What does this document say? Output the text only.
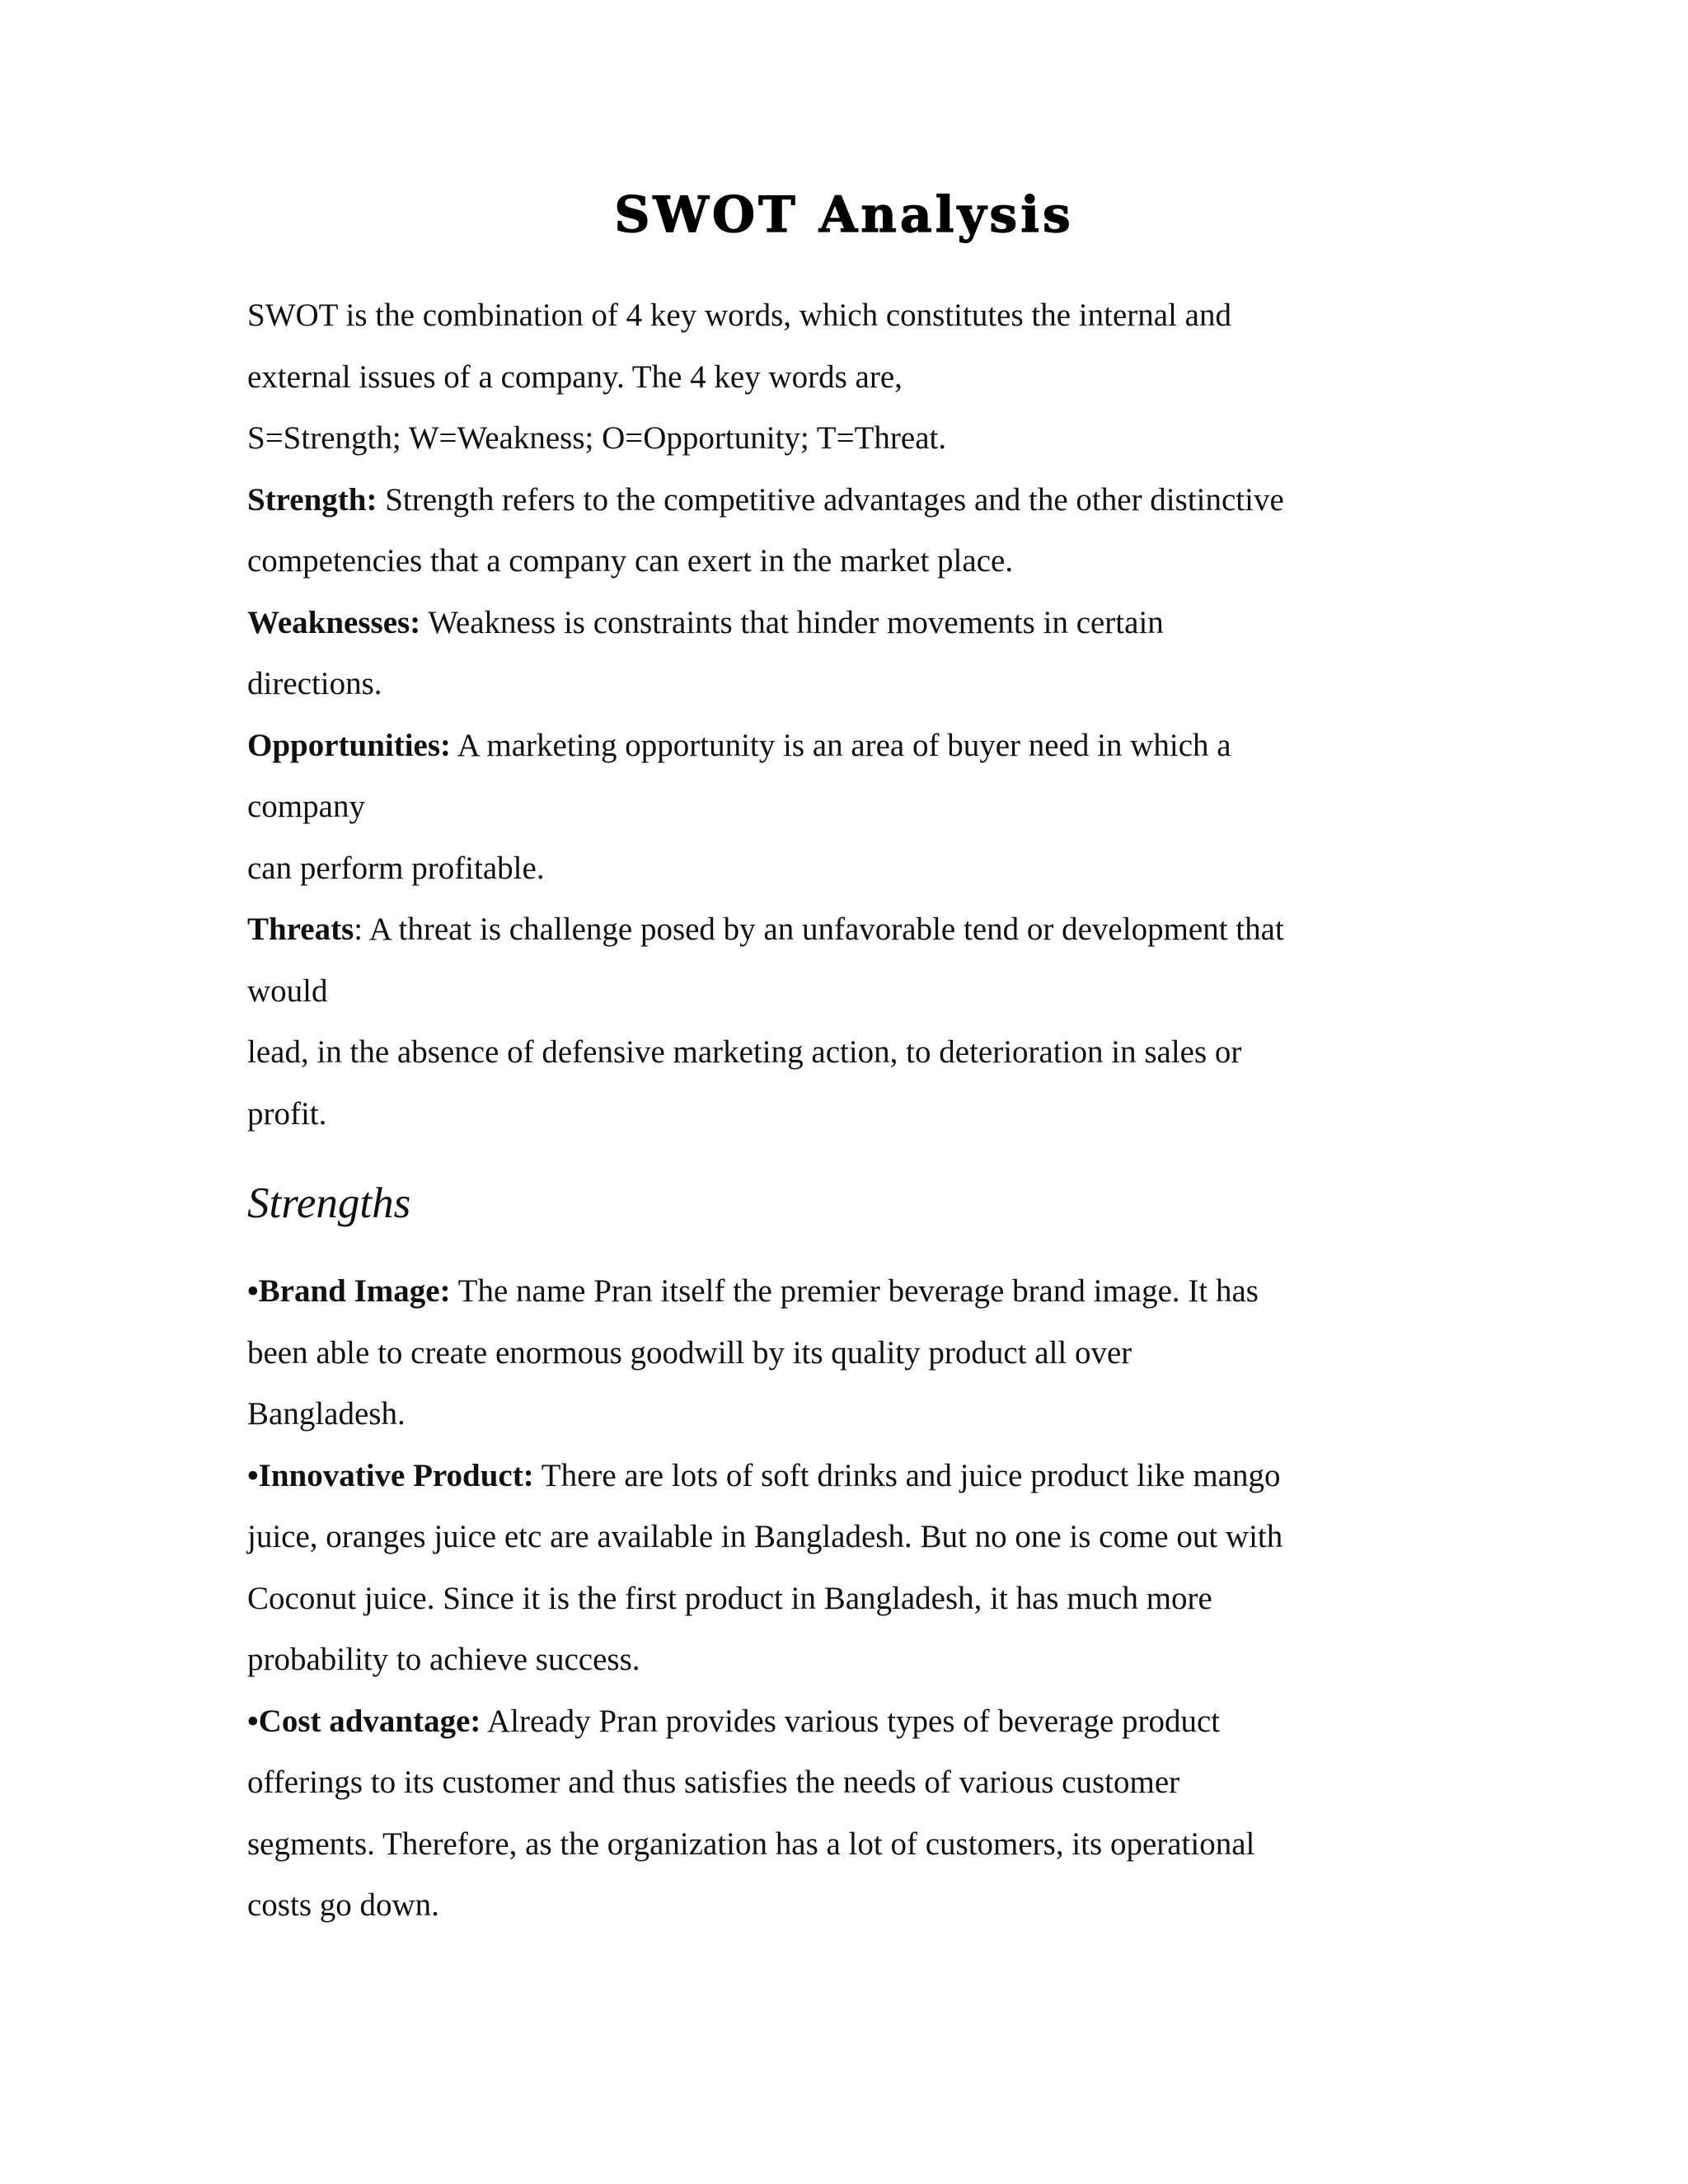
SWOT Analysis
SWOT is the combination of 4 key words, which constitutes the internal and
external issues of a company. The 4 key words are,
S=Strength; W=Weakness; O=Opportunity; T=Threat.
Strength: Strength refers to the competitive advantages and the other distinctive
competencies that a company can exert in the market place.
Weaknesses: Weakness is constraints that hinder movements in certain
directions.
Opportunities: A marketing opportunity is an area of buyer need in which a
company
can perform profitable.
Threats: A threat is challenge posed by an unfavorable tend or development that
would
lead, in the absence of defensive marketing action, to deterioration in sales or
profit.
Strengths
•Brand Image: The name Pran itself the premier beverage brand image. It has
been able to create enormous goodwill by its quality product all over
Bangladesh.
•Innovative Product: There are lots of soft drinks and juice product like mango
juice, oranges juice etc are available in Bangladesh. But no one is come out with
Coconut juice. Since it is the first product in Bangladesh, it has much more
probability to achieve success.
•Cost advantage: Already Pran provides various types of beverage product
offerings to its customer and thus satisfies the needs of various customer
segments. Therefore, as the organization has a lot of customers, its operational
costs go down.
